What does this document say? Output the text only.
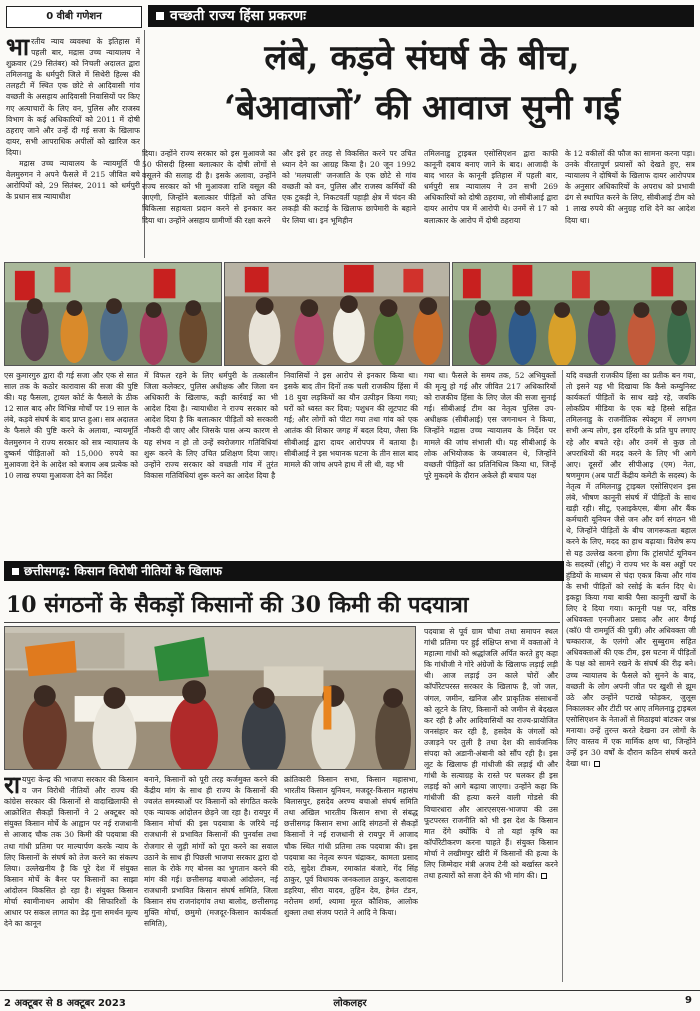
0 वीबी गणेशन	वच्छती राज्य हिंसा प्रकरणः
लंबे, कड़वे संघर्ष के बीच,
‘बेआवाजों’ की आवाज सुनी गई
भारतीय न्याय व्यवस्था के इतिहास में पहली बार, मद्रास उच्च न्यायालय ने शुक्रवार (29 सितंबर) को निचली अदालत द्वारा तमिलनाडु के धर्मपुरी जिले में सिथेरी हिल्स की तलहटी में स्थित एक छोटे से आदिवासी गांव वच्छती के असहाय आदिवासी निवासियों पर किए गए अत्याचारों के लिए वन, पुलिस और राजस्व विभाग के कई अधिकारियों को 2011 में दोषी ठहराए जाने और उन्हें दी गई सजा के खिलाफ दायर, सभी आपराधिक अपीलों को खारिज कर दिया।
मद्रास उच्च न्यायालय के न्यायमूर्ति पी वेलमुरुगन ने अपने फैसले में 215 जीवित बचे आरोपियों को, 29 सितंबर, 2011 को धर्मपुरी के प्रधान सत्र न्यायाधीश
दिया। उन्होंने राज्य सरकार को इस मुआवजे का 50 फीसदी हिस्सा बलात्कार के दोषी लोगों से वसूलने की सलाह दी है। इसके अलावा, उन्होंने राज्य सरकार को भी मुआवजा राशि वसूल की जाएगी, जिन्होंने बलात्कार पीड़ितों को उचित चिकित्सा सहायता प्रदान करने से इनकार कर दिया था। उन्होंने असहाय ग्रामीणों की रक्षा करने
और इसे हर तरह से विकसित करने पर उचित ध्यान देने का आग्रह किया है। 20 जून 1992 को 'मलयाली' जनजाति के एक छोटे से गांव वच्छती को वन, पुलिस और राजस्व कर्मियों की एक टुकड़ी ने, निकटवर्ती पहाड़ी क्षेत्र में चंदन की लकड़ी की कटाई के खिलाफ छापेमारी के बहाने घेर लिया था। इन भूमिहीन
तमिलनाडु ट्राइबल एसोसिएशन द्वारा काफी कानूनी दबाव बनाए जाने के बाद। आजादी के बाद भारत के कानूनी इतिहास में पहली बार, धर्मपुरी सत्र न्यायालय ने उन सभी 269 अधिकारियों को दोषी ठहराया, जो सीबीआई द्वारा दायर आरोप पत्र में आरोपी थे। उनमें से 17 को बलात्कार के आरोप में दोषी ठहराया
के 12 वकीलों की फौज का सामना करना पड़ा। उनके वीरतापूर्ण प्रयासों को देखते हुए, सत्र न्यायालय ने दोषियों के खिलाफ दायर आरोपपत्र के अनुसार अधिकारियों के अपराध को प्रभावी ढंग से स्थापित करने के लिए, सीबीआई टीम को 1 लाख रुपये की अनुग्रह राशि देने का आदेश दिया था।
एस कुमारगुरु द्वारा दी गई सजा और एक से सात साल तक के कठोर कारावास की सजा की पुष्टि की। यह फैसला, ट्रायल कोर्ट के फैसले के ठीक 12 साल बाद और विभिन्न मोर्चों पर 19 साल के लंबे, कड़वे संघर्ष के बाद प्राप्त हुआ। सत्र अदालत के फैसले की पुष्टि करने के अलावा, न्यायमूर्ति वेलमुरुगन ने राज्य सरकार को सत्र न्यायालय के दुष्कर्म पीड़िताओं को 15,000 रुपये का मुआवजा देने के आदेश को बजाय अब प्रत्येक को 10 लाख रुपया मुआवजा देने का निर्देश
में विफल रहने के लिए धर्मपुरी के तत्कालीन जिला कलेक्टर, पुलिस अधीक्षक और जिला वन अधिकारी के खिलाफ, कड़ी कार्रवाई का भी आदेश दिया है। न्यायाधीश ने राज्य सरकार को आदेश दिया है कि बलात्कार पीड़ितों को सरकारी नौकरी दी जाए और जिसके पास अन्य कारण से यह संभव न हो तो उन्हें स्वरोजगार गतिविधियां शुरू करने के लिए उचित प्रशिक्षण दिया जाए। उन्होंने राज्य सरकार को वच्छती गांव में तुरंत विकास गतिविधियां शुरू करने का आदेश दिया है
निवासियों ने इस आरोप से इनकार किया था। इसके बाद तीन दिनों तक चली राजकीय हिंसा में 18 युवा लड़कियों का यौन उत्पीड़न किया गया; घरों को ध्वस्त कर दिया; पशुधन की लूटपाट की गई; और लोगों को पीटा गया तथा गांव को एक आतंक की शिकार जगह में बदल दिया, जैसा कि सीबीआई द्वारा दायर आरोपपत्र में बताया है। सीबीआई ने इस भयानक घटना के तीन साल बाद मामले की जांच अपने हाथ में ली थी, वह भी
गया था। फैसले के समय तक, 52 अभियुक्तों की मृत्यु हो गई और जीवित 217 अधिकारियों को राजकीय हिंसा के लिए जेल की सजा सुनाई गई। सीबीआई टीम का नेतृत्व पुलिस उप-अधीक्षक (सीबीआई) एस जगनाथन ने किया, जिन्होंने मद्रास उच्च न्यायालय के निर्देश पर मामले की जांच संभाली थी। यह सीबीआई के लोक अभियोजक के जयबालन थे, जिन्होंने वच्छती पीड़ितों का प्रतिनिधित्व किया था, जिन्हें पूरे मुकदमे के दौरान अकेले ही बचाव पक्ष
यदि वच्छती राजकीय हिंसा का प्रतीक बन गया, तो इसने यह भी दिखाया कि कैसे कम्युनिस्ट कार्यकर्ता पीड़ितों के साथ खड़े रहे, जबकि लोकप्रिय मीडिया के एक बड़े हिस्से सहित तमिलनाडु के राजनीतिक स्पेक्ट्रम में लगभग सभी अन्य लोग, इस दरिंदगी के प्रति चुप लगाए रहे और बचते रहे। और उनमें से कुछ तो अपराधियों की मदद करने के लिए भी आगे आए। दूसरों और सीपीआइ (एम) नेता, षणमुगम (अब पार्टी केंद्रीय कमेटी के सदस्य) के नेतृत्व में तमिलनाडु ट्राइबल एसोसिएशन इस लंबे, भीषण कानूनी संघर्ष में पीड़ितों के साथ खड़ी रही। सीटू, एआइकेएस, बीमा और बैंक कर्मचारी यूनियन जैसे जन और वर्ग संगठन भी थे, जिन्होंने पीड़ितों के बीच जागरूकता बहाल करने के लिए, मदद का हाथ बढ़ाया। विशेष रूप से यह उल्लेख करना होगा कि ट्रांसपोर्ट यूनियन के सदस्यों (सीटू) ने राज्य भर के बस अड्डों पर हुंडियों के माध्यम से चंदा एकत्र किया और गांव के सभी पीड़ितों को रसोई के बर्तन दिए थे। इकट्ठा किया गया बाकी पैसा कानूनी खर्चों के लिए दे दिया गया। कानूनी पक्ष पर, वरिष्ठ अधिवक्ता एनजीआर प्रसाद और आर वैगई (कॉ0 पी राममूर्ति की पुत्री) और अधिवक्ता जी चम्काराज, के एलंगो और सुब्बुराम सहित अधिवक्ताओं की एक टीम, इस घटना में पीड़ितों के पक्ष को सामने रखने के संघर्ष की रीढ़ बने। उच्च न्यायालय के फैसले को सुनने के बाद, वच्छती के लोग अपनी जीत पर खुशी से झूम उठे और उन्होंने पटाखे फोड़कर, जुलूस निकालकर और टीटी पर आए तमिलनाडु ट्राइबल एसोसिएशन के नेताओं से मिठाइयां बांटकर जश्न मनाया। उन्हें तुरन्त करते देखना उन लोगों के लिए वास्तव में एक मार्मिक क्षण था, जिन्होंने उन्हें इन 30 वर्षों के दौरान कठिन संघर्ष करते देखा था।
छत्तीसगढ़: किसान विरोधी नीतियों के खिलाफ
10 संगठनों के सैकड़ों किसानों की 30 किमी की पदयात्रा
रायपुरः केन्द्र की भाजपा सरकार की किसान व जन विरोधी नीतियों और राज्य की कांग्रेस सरकार की किसानों से वादाखिलाफी से आक्रोशित सैकड़ों किसानों ने 2 अक्टूबर को संयुक्त किसान मोर्चे के आह्वान पर नई राजधानी से आजाद चौक तक 30 किमी की पदयात्रा की तथा गांधी प्रतिमा पर माल्यार्पण करके न्याय के लिए किसानों के संघर्ष को तेज करने का संकल्प लिया। उल्लेखनीय है कि पूरे देश में संयुक्त किसान मोर्चे के बैनर पर किसानों का साझा आंदोलन विकसित हो रहा है। संयुक्त किसान मोर्चा स्वामीनाथन आयोग की सिफारिशों के आधार पर सकल लागत का डेढ़ गुना समर्थन मूल्य देने का कानून
बनाने, किसानों को पूरी तरह कर्जमुक्त करने की केंद्रीय मांग के साथ ही राज्य के किसानों की ज्वलंत समस्याओं पर किसानों को संगठित करके एक न्यायक आंदोलन छेड़ने जा रहा है। रायपुर में किसान मोर्चा की इस पदयात्रा के जरिये नई राजधानी से प्रभावित किसानों की पुनर्वास तथा रोजगार से जुड़ी मांगों को पूरा करने का सवाल उठाने के साथ ही पिछली भाजपा सरकार द्वारा दो साल के रोके गए बोनस का भुगतान करने की मांग की गई। छत्तीसगढ़ बचाओ आंदोलन, नई राजधानी प्रभावित किसान संघर्ष समिति, जिला किसान संघ राजनांदगांव तथा बालोद, छत्तीसगढ़ मुक्ति मोर्चा, छमुमो (मजदूर-किसान कार्यकर्ता समिति),
क्रांतिकारी किसान सभा, किसान महासभा, भारतीय किसान यूनियन, मजदूर-किसान महासंघ बिलासपुर, हसदेव अरण्य बचाओ संघर्ष समिति तथा अखिल भारतीय किसान सभा से संबद्ध छत्तीसगढ़ किसान सभा आदि संगठनों से सैकड़ों किसानों ने नई राजधानी से रायपुर में आजाद चौक स्थित गांधी प्रतिमा तक पदयात्रा की। इस पदयात्रा का नेतृत्व रूपन चंद्राकर, कामता प्रसाद राठे, सुदेश टीकम, रमाकांत बंजारे, गेंद सिंह ठाकुर, पूर्व विधायक जनकलाल ठाकुर, कलादास डहरिया, सीरा यादव, तुहिन देव, हेमंत टंडन, नरोत्तम शर्मा, श्यामा मूरत कौशिक, आलोक शुक्ला तथा संजय पराते ने आदि ने किया।
पदयात्रा से पूर्व ग्राम चौथा तथा समापन स्थल गांधी प्रतिमा पर हुई संक्षिप्त सभा में वक्ताओं ने महात्मा गांधी को श्रद्धांजलि अर्पित करते हुए कहा कि गांधीजी ने गोरे अंग्रेजों के खिलाफ लड़ाई लड़ी थी। आज लड़ाई उन काले चोरों और कॉर्पोरेटपरस्त सरकार के खिलाफ है, जो जल, जंगल, जमीन, खनिज और प्राकृतिक संसाधनों को लूटने के लिए, किसानों को जमीन से बेदखल कर रही है और आदिवासियों का राज्य-प्रायोजित जनसंहार कर रही है, हसदेव के जंगलों को उजाड़ने पर तुली है तथा देश की सार्वजनिक संपदा को अडानी-अंबानी को सौंप रही है। इस लूट के खिलाफ ही गांधीजी की लड़ाई थी और गांधी के सत्याग्रह के रास्ते पर चलकर ही इस लड़ाई को आगे बढ़ाया जाएगा। उन्होंने कहा कि गांधीजी की हत्या करने वाली गोडसे की विचारधारा और आरएसएस-भाजपा की उस फूटपरस्त राजनीति को भी इस देश के किसान मात देंगे क्योंकि ये तो यहां कृषि का कॉर्पोरेटीकरण करना चाहते हैं। संयुक्त किसान मोर्चा ने लखीमपुर खीरी में किसानों की हत्या के लिए जिम्मेदार मंत्री अजय टेनी को बर्खास्त करने तथा हत्यारों को सजा देने की भी मांग की।
2 अक्टूबर से 8 अक्टूबर 2023	लोकलहर	9
